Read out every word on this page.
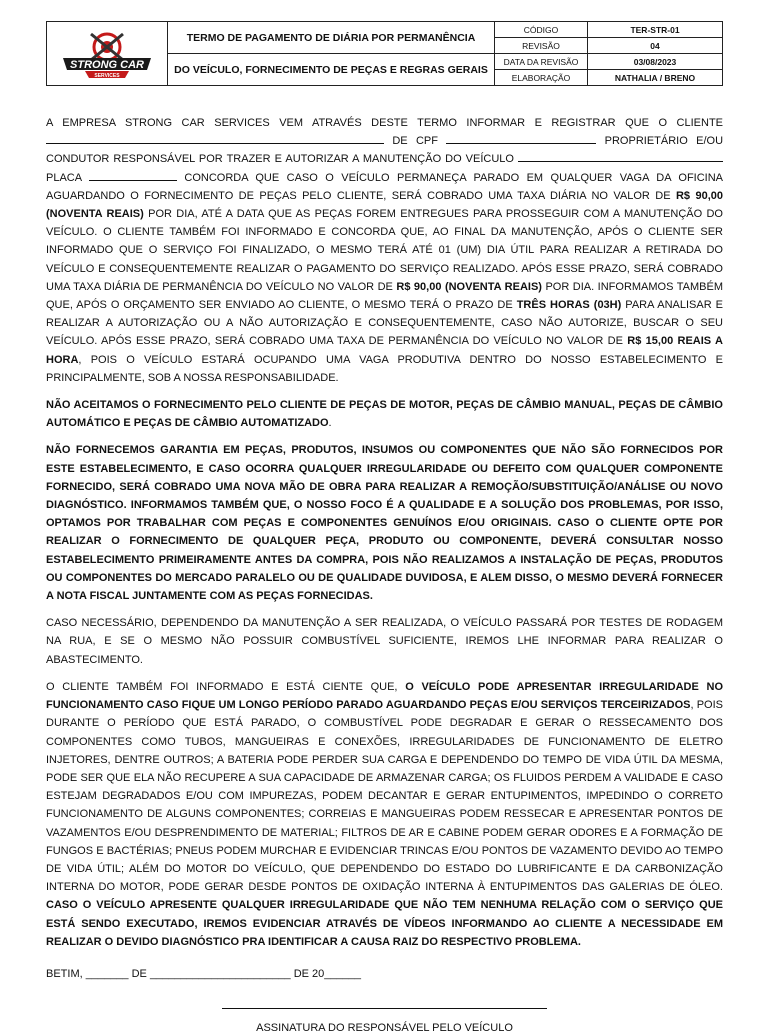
STRONG CAR
SERVICES	TERMO DE PAGAMENTO DE DIÁRIA POR PERMANÊNCIA	CÓDIGO	TER-STR-01
		REVISÃO	04
	DO VEÍCULO, FORNECIMENTO DE PEÇAS E REGRAS GERAIS	DATA DA REVISÃO	03/08/2023
		ELABORAÇÃO	NATHALIA / BRENO

A EMPRESA STRONG CAR SERVICES VEM ATRAVÉS DESTE TERMO INFORMAR E REGISTRAR QUE O CLIENTE  DE CPF	PROPRIETÁRIO E/OU CONDUTOR RESPONSÁVEL POR TRAZER E AUTORIZAR A MANUTENÇÃO DO VEÍCULO  PLACA	CONCORDA QUE CASO O VEÍCULO PERMANEÇA PARADO EM QUALQUER VAGA DA OFICINA AGUARDANDO O FORNECIMENTO DE PEÇAS PELO CLIENTE, SERÁ COBRADO UMA TAXA DIÁRIA NO VALOR DE R$ 90,00 (NOVENTA REAIS) POR DIA, ATÉ A DATA QUE AS PEÇAS FOREM ENTREGUES PARA PROSSEGUIR COM A MANUTENÇÃO DO VEÍCULO. O CLIENTE TAMBÉM FOI INFORMADO E CONCORDA QUE, AO FINAL DA MANUTENÇÃO, APÓS O CLIENTE SER INFORMADO QUE O SERVIÇO FOI FINALIZADO, O MESMO TERÁ ATÉ 01 (UM) DIA ÚTIL PARA REALIZAR A RETIRADA DO VEÍCULO E CONSEQUENTEMENTE REALIZAR O PAGAMENTO DO SERVIÇO REALIZADO. APÓS ESSE PRAZO, SERÁ COBRADO UMA TAXA DIÁRIA DE PERMANÊNCIA DO VEÍCULO NO VALOR DE R$ 90,00 (NOVENTA REAIS) POR DIA. INFORMAMOS TAMBÉM QUE, APÓS O ORÇAMENTO SER ENVIADO AO CLIENTE, O MESMO TERÁ O PRAZO DE TRÊS HORAS (03H) PARA ANALISAR E REALIZAR A AUTORIZAÇÃO OU A NÃO AUTORIZAÇÃO E CONSEQUENTEMENTE, CASO NÃO AUTORIZE, BUSCAR O SEU VEÍCULO. APÓS ESSE PRAZO, SERÁ COBRADO UMA TAXA DE PERMANÊNCIA DO VEÍCULO NO VALOR DE R$ 15,00 REAIS A HORA, POIS O VEÍCULO ESTARÁ OCUPANDO UMA VAGA PRODUTIVA DENTRO DO NOSSO ESTABELECIMENTO E PRINCIPALMENTE, SOB A NOSSA RESPONSABILIDADE.

NÃO ACEITAMOS O FORNECIMENTO PELO CLIENTE DE PEÇAS DE MOTOR, PEÇAS DE CÂMBIO MANUAL, PEÇAS DE CÂMBIO AUTOMÁTICO E PEÇAS DE CÂMBIO AUTOMATIZADO.

NÃO FORNECEMOS GARANTIA EM PEÇAS, PRODUTOS, INSUMOS OU COMPONENTES QUE NÃO SÃO FORNECIDOS POR ESTE ESTABELECIMENTO, E CASO OCORRA QUALQUER IRREGULARIDADE OU DEFEITO COM QUALQUER COMPONENTE FORNECIDO, SERÁ COBRADO UMA NOVA MÃO DE OBRA PARA REALIZAR A REMOÇÃO/SUBSTITUIÇÃO/ANÁLISE OU NOVO DIAGNÓSTICO. INFORMAMOS TAMBÉM QUE, O NOSSO FOCO É A QUALIDADE E A SOLUÇÃO DOS PROBLEMAS, POR ISSO, OPTAMOS POR TRABALHAR COM PEÇAS E COMPONENTES GENUÍNOS E/OU ORIGINAIS. CASO O CLIENTE OPTE POR REALIZAR O FORNECIMENTO DE QUALQUER PEÇA, PRODUTO OU COMPONENTE, DEVERÁ CONSULTAR NOSSO ESTABELECIMENTO PRIMEIRAMENTE ANTES DA COMPRA, POIS NÃO REALIZAMOS A INSTALAÇÃO DE PEÇAS, PRODUTOS OU COMPONENTES DO MERCADO PARALELO OU DE QUALIDADE DUVIDOSA, E ALEM DISSO, O MESMO DEVERÁ FORNECER A NOTA FISCAL JUNTAMENTE COM AS PEÇAS FORNECIDAS.

CASO NECESSÁRIO, DEPENDENDO DA MANUTENÇÃO A SER REALIZADA, O VEÍCULO PASSARÁ POR TESTES DE RODAGEM NA RUA, E SE O MESMO NÃO POSSUIR COMBUSTÍVEL SUFICIENTE, IREMOS LHE INFORMAR PARA REALIZAR O ABASTECIMENTO.

O CLIENTE TAMBÉM FOI INFORMADO E ESTÁ CIENTE QUE, O VEÍCULO PODE APRESENTAR IRREGULARIDADE NO FUNCIONAMENTO CASO FIQUE UM LONGO PERÍODO PARADO AGUARDANDO PEÇAS E/OU SERVIÇOS TERCEIRIZADOS, POIS DURANTE O PERÍODO QUE ESTÁ PARADO, O COMBUSTÍVEL PODE DEGRADAR E GERAR O RESSECAMENTO DOS COMPONENTES COMO TUBOS, MANGUEIRAS E CONEXÕES, IRREGULARIDADES DE FUNCIONAMENTO DE ELETRO INJETORES, DENTRE OUTROS; A BATERIA PODE PERDER SUA CARGA E DEPENDENDO DO TEMPO DE VIDA ÚTIL DA MESMA, PODE SER QUE ELA NÃO RECUPERE A SUA CAPACIDADE DE ARMAZENAR CARGA; OS FLUIDOS PERDEM A VALIDADE E CASO ESTEJAM DEGRADADOS E/OU COM IMPUREZAS, PODEM DECANTAR E GERAR ENTUPIMENTOS, IMPEDINDO O CORRETO FUNCIONAMENTO DE ALGUNS COMPONENTES; CORREIAS E MANGUEIRAS PODEM RESSECAR E APRESENTAR PONTOS DE VAZAMENTOS E/OU DESPRENDIMENTO DE MATERIAL; FILTROS DE AR E CABINE PODEM GERAR ODORES E A FORMAÇÃO DE FUNGOS E BACTÉRIAS; PNEUS PODEM MURCHAR E EVIDENCIAR TRINCAS E/OU PONTOS DE VAZAMENTO DEVIDO AO TEMPO DE VIDA ÚTIL; ALÉM DO MOTOR DO VEÍCULO, QUE DEPENDENDO DO ESTADO DO LUBRIFICANTE E DA CARBONIZAÇÃO INTERNA DO MOTOR, PODE GERAR DESDE PONTOS DE OXIDAÇÃO INTERNA À ENTUPIMENTOS DAS GALERIAS DE ÓLEO. CASO O VEÍCULO APRESENTE QUALQUER IRREGULARIDADE QUE NÃO TEM NENHUMA RELAÇÃO COM O SERVIÇO QUE ESTÁ SENDO EXECUTADO, IREMOS EVIDENCIAR ATRAVÉS DE VÍDEOS INFORMANDO AO CLIENTE A NECESSIDADE EM REALIZAR O DEVIDO DIAGNÓSTICO PRA IDENTIFICAR A CAUSA RAIZ DO RESPECTIVO PROBLEMA.

BETIM, _______ DE _______________________ DE 20______
ASSINATURA DO RESPONSÁVEL PELO VEÍCULO
